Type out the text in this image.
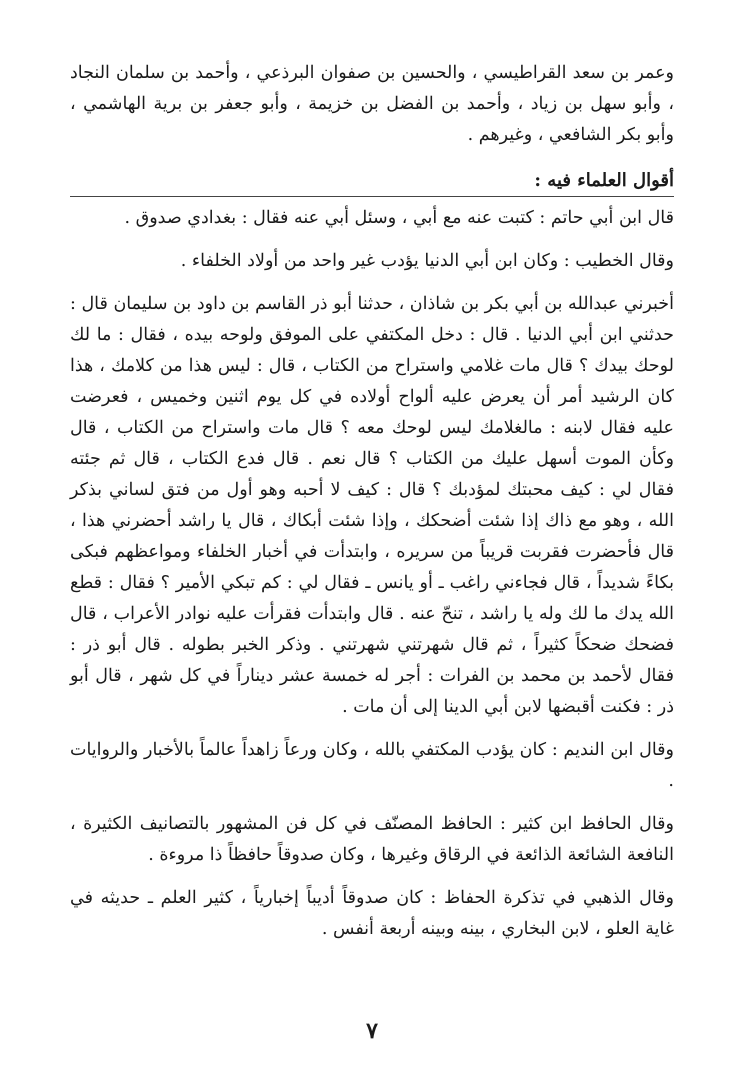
وعمر بن سعد القراطيسي ، والحسين بن صفوان البرذعي ، وأحمد بن سلمان النجاد ، وأبو سهل بن زياد ، وأحمد بن الفضل بن خزيمة ، وأبو جعفر بن برية الهاشمي ، وأبو بكر الشافعي ، وغيرهم .

أقوال العلماء فيه :

قال ابن أبي حاتم : كتبت عنه مع أبي ، وسئل أبي عنه فقال : بغدادي صدوق .

وقال الخطيب : وكان ابن أبي الدنيا يؤدب غير واحد من أولاد الخلفاء .

أخبرني عبدالله بن أبي بكر بن شاذان ، حدثنا أبو ذر القاسم بن داود بن سليمان قال : حدثني ابن أبي الدنيا . قال : دخل المكتفي على الموفق ولوحه بيده ، فقال : ما لك لوحك بيدك ؟ قال مات غلامي واستراح من الكتاب ، قال : ليس هذا من كلامك ، هذا كان الرشيد أمر أن يعرض عليه ألواح أولاده في كل يوم اثنين وخميس ، فعرضت عليه فقال لابنه : مالغلامك ليس لوحك معه ؟ قال مات واستراح من الكتاب ، قال وكأن الموت أسهل عليك من الكتاب ؟ قال نعم . قال فدع الكتاب ، قال ثم جئته فقال لي : كيف محبتك لمؤدبك ؟ قال : كيف لا أحبه وهو أول من فتق لساني بذكر الله ، وهو مع ذاك إذا شئت أضحكك ، وإذا شئت أبكاك ، قال يا راشد أحضرني هذا ، قال فأحضرت فقربت قريباً من سريره ، وابتدأت في أخبار الخلفاء ومواعظهم فبكى بكاءً شديداً ، قال فجاءني راغب ـ أو يانس ـ فقال لي : كم تبكي الأمير ؟ فقال : قطع الله يدك ما لك وله يا راشد ، تنحّ عنه . قال وابتدأت فقرأت عليه نوادر الأعراب ، قال فضحك ضحكاً كثيراً ، ثم قال شهرتني شهرتني . وذكر الخبر بطوله . قال أبو ذر : فقال لأحمد بن محمد بن الفرات : أجر له خمسة عشر ديناراً في كل شهر ، قال أبو ذر : فكنت أقبضها لابن أبي الدينا إلى أن مات .

وقال ابن النديم : كان يؤدب المكتفي بالله ، وكان ورعاً زاهداً عالماً بالأخبار والروايات .

وقال الحافظ ابن كثير : الحافظ المصنّف في كل فن المشهور بالتصانيف الكثيرة ، النافعة الشائعة الذائعة في الرقاق وغيرها ، وكان صدوقاً حافظاً ذا مروءة .

وقال الذهبي في تذكرة الحفاظ : كان صدوقاً أديباً إخبارياً ، كثير العلم ـ حديثه في غاية العلو ، لابن البخاري ، بينه وبينه أربعة أنفس .

٧
